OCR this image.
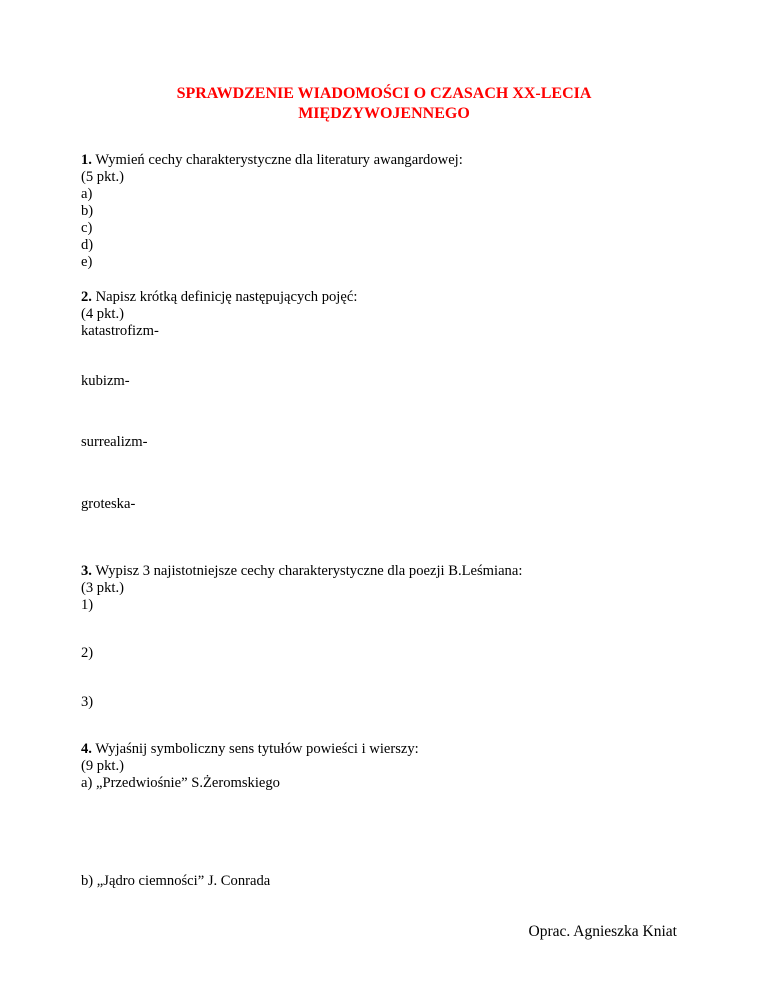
SPRAWDZENIE WIADOMOŚCI O CZASACH XX-LECIA
MIĘDZYWOJENNEGO
1. Wymień cechy charakterystyczne dla literatury awangardowej:
(5 pkt.)
a)
b)
c)
d)
e)
2. Napisz krótką definicję następujących pojęć:
(4 pkt.)
katastrofizm-
kubizm-
surrealizm-
groteska-
3. Wypisz 3 najistotniejsze cechy charakterystyczne dla poezji B.Leśmiana:
(3 pkt.)
1)
2)
3)
4. Wyjaśnij symboliczny sens tytułów powieści i wierszy:
(9 pkt.)
a) „Przedwiośnie” S.Żeromskiego
b) „Jądro ciemności” J. Conrada
Oprac. Agnieszka Kniat
